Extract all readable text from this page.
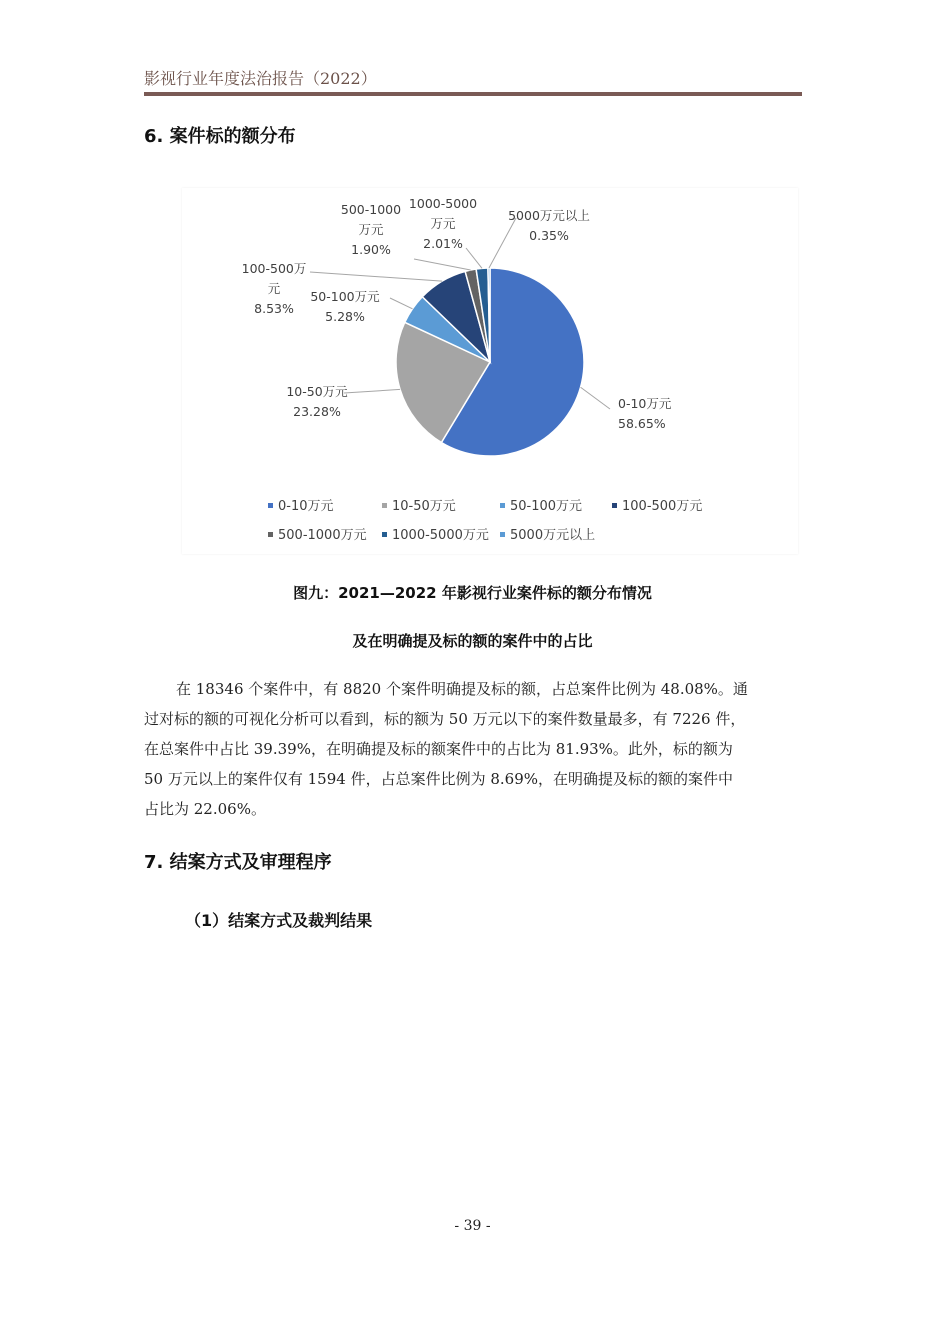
影视行业年度法治报告（2022）
6. 案件标的额分布
0-10万元
58.65%
10-50万元
23.28%
50-100万元
5.28%
100-500万
元
8.53%
500-1000
万元
1.90%
1000-5000
万元
2.01%
5000万元以上
0.35%
0-10万元	10-50万元	50-100万元	100-500万元
500-1000万元 1000-5000万元 5000万元以上
图九：2021—2022 年影视行业案件标的额分布情况
及在明确提及标的额的案件中的占比
在 18346 个案件中，有 8820 个案件明确提及标的额，占总案件比例为 48.08%。通
过对标的额的可视化分析可以看到，标的额为 50 万元以下的案件数量最多，有 7226 件，
在总案件中占比 39.39%，在明确提及标的额案件中的占比为 81.93%。此外，标的额为
50 万元以上的案件仅有 1594 件，占总案件比例为 8.69%，在明确提及标的额的案件中
占比为 22.06%。
7. 结案方式及审理程序
（1）结案方式及裁判结果
- 39 -
